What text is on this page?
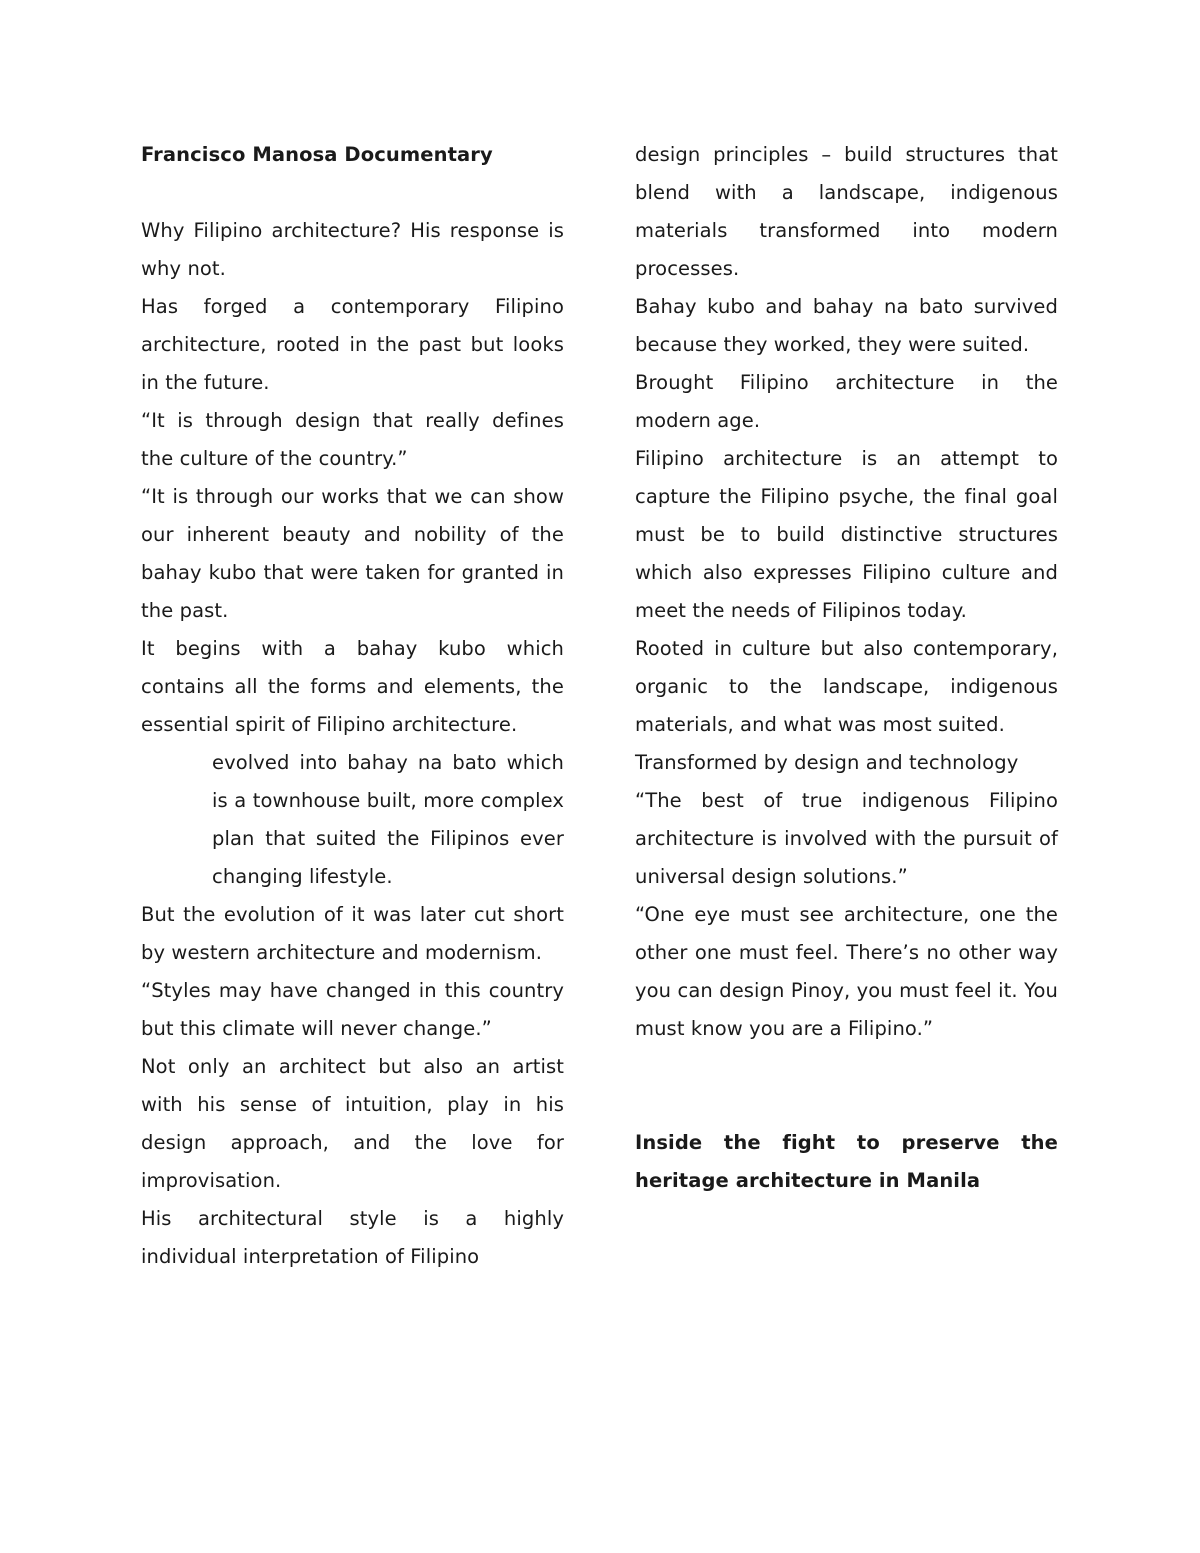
Francisco Manosa Documentary

Why Filipino architecture? His response is why not.

Has forged a contemporary Filipino architecture, rooted in the past but looks in the future.

“It is through design that really defines the culture of the country.”

“It is through our works that we can show our inherent beauty and nobility of the bahay kubo that were taken for granted in the past.

It begins with a bahay kubo which contains all the forms and elements, the essential spirit of Filipino architecture.

evolved into bahay na bato which is a townhouse built, more complex plan that suited the Filipinos ever changing lifestyle.

But the evolution of it was later cut short by western architecture and modernism.

“Styles may have changed in this country but this climate will never change.”

Not only an architect but also an artist with his sense of intuition, play in his design approach, and the love for improvisation.

His architectural style is a highly individual interpretation of Filipino

design principles – build structures that blend with a landscape, indigenous materials transformed into modern processes.

Bahay kubo and bahay na bato survived because they worked, they were suited.

Brought Filipino architecture in the modern age.

Filipino architecture is an attempt to capture the Filipino psyche, the final goal must be to build distinctive structures which also expresses Filipino culture and meet the needs of Filipinos today.

Rooted in culture but also contemporary, organic to the landscape, indigenous materials, and what was most suited.

Transformed by design and technology

“The best of true indigenous Filipino architecture is involved with the pursuit of universal design solutions.”

“One eye must see architecture, one the other one must feel. There’s no other way you can design Pinoy, you must feel it. You must know you are a Filipino.”

Inside the fight to preserve the heritage architecture in Manila
